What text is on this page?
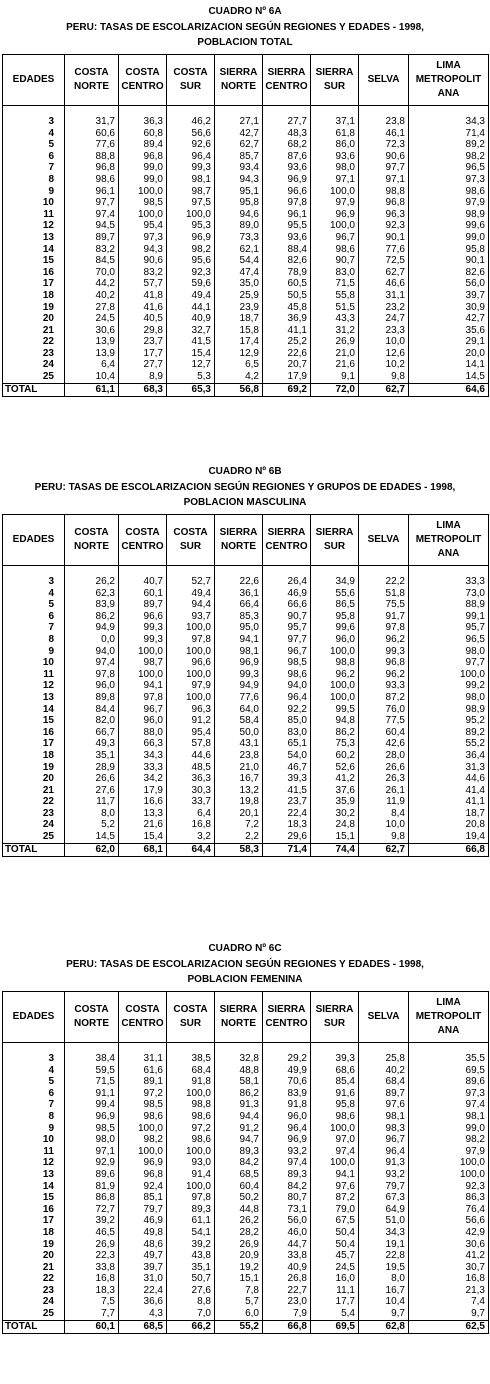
CUADRO Nº 6A
PERU: TASAS DE ESCOLARIZACION SEGÚN REGIONES Y EDADES - 1998,
POBLACION TOTAL
EDADES	COSTA NORTE	COSTA CENTRO	COSTA SUR	SIERRA NORTE	SIERRA CENTRO	SIERRA SUR	SELVA	LIMA METROPOLIT ANA
3	31,7	36,3	46,2	27,1	27,7	37,1	23,8	34,3
4	60,6	60,8	56,6	42,7	48,3	61,8	46,1	71,4
5	77,6	89,4	92,6	62,7	68,2	86,0	72,3	89,2
6	88,8	96,8	96,4	85,7	87,6	93,6	90,6	98,2
7	96,8	99,0	99,3	93,4	93,6	98,0	97,7	96,5
8	98,6	99,0	98,1	94,3	96,9	97,1	97,1	97,3
9	96,1	100,0	98,7	95,1	96,6	100,0	98,8	98,6
10	97,7	98,5	97,5	95,8	97,8	97,9	96,8	97,9
11	97,4	100,0	100,0	94,6	96,1	96,9	96,3	98,9
12	94,5	95,4	95,3	89,0	95,5	100,0	92,3	99,6
13	89,7	97,3	96,9	73,3	93,6	96,7	90,1	99,0
14	83,2	94,3	98,2	62,1	88,4	98,6	77,6	95,8
15	84,5	90,6	95,6	54,4	82,6	90,7	72,5	90,1
16	70,0	83,2	92,3	47,4	78,9	83,0	62,7	82,6
17	44,2	57,7	59,6	35,0	60,5	71,5	46,6	56,0
18	40,2	41,8	49,4	25,9	50,5	55,8	31,1	39,7
19	27,8	41,6	44,1	23,9	45,8	51,5	23,2	30,9
20	24,5	40,5	40,9	18,7	36,9	43,3	24,7	42,7
21	30,6	29,8	32,7	15,8	41,1	31,2	23,3	35,6
22	13,9	23,7	41,5	17,4	25,2	26,9	10,0	29,1
23	13,9	17,7	15,4	12,9	22,6	21,0	12,6	20,0
24	6,4	27,7	12,7	6,5	20,7	21,6	10,2	14,1
25	10,4	8,9	5,3	4,2	17,9	9,1	9,8	14,5
TOTAL	61,1	68,3	65,3	56,8	69,2	72,0	62,7	64,6
CUADRO Nº 6B
PERU: TASAS DE ESCOLARIZACION SEGÚN REGIONES Y GRUPOS DE EDADES - 1998,
POBLACION MASCULINA
EDADES	COSTA NORTE	COSTA CENTRO	COSTA SUR	SIERRA NORTE	SIERRA CENTRO	SIERRA SUR	SELVA	LIMA METROPOLIT ANA
3	26,2	40,7	52,7	22,6	26,4	34,9	22,2	33,3
4	62,3	60,1	49,4	36,1	46,9	55,6	51,8	73,0
5	83,9	89,7	94,4	66,4	66,6	86,5	75,5	88,9
6	86,2	96,6	93,7	85,3	90,7	95,8	91,7	99,1
7	94,9	99,3	100,0	95,0	95,7	99,6	97,8	95,7
8	0,0	99,3	97,8	94,1	97,7	96,0	96,2	96,5
9	94,0	100,0	100,0	98,1	96,7	100,0	99,3	98,0
10	97,4	98,7	96,6	96,9	98,5	98,8	96,8	97,7
11	97,8	100,0	100,0	99,3	98,6	96,2	96,2	100,0
12	96,0	94,1	97,9	94,9	94,0	100,0	93,3	99,2
13	89,8	97,8	100,0	77,6	96,4	100,0	87,2	98,0
14	84,4	96,7	96,3	64,0	92,2	99,5	76,0	98,9
15	82,0	96,0	91,2	58,4	85,0	94,8	77,5	95,2
16	66,7	88,0	95,4	50,0	83,0	86,2	60,4	89,2
17	49,3	66,3	57,8	43,1	65,1	75,3	42,6	55,2
18	35,1	34,3	44,6	23,8	54,0	60,2	28,0	36,4
19	28,9	33,3	48,5	21,0	46,7	52,6	26,6	31,3
20	26,6	34,2	36,3	16,7	39,3	41,2	26,3	44,6
21	27,6	17,9	30,3	13,2	41,5	37,6	26,1	41,4
22	11,7	16,6	33,7	19,8	23,7	35,9	11,9	41,1
23	8,0	13,3	6,4	20,1	22,4	30,2	8,4	18,7
24	5,2	21,6	16,8	7,2	18,3	24,8	10,0	20,8
25	14,5	15,4	3,2	2,2	29,6	15,1	9,8	19,4
TOTAL	62,0	68,1	64,4	58,3	71,4	74,4	62,7	66,8
CUADRO Nº 6C
PERU: TASAS DE ESCOLARIZACION SEGÚN REGIONES Y EDADES - 1998,
POBLACION FEMENINA
EDADES	COSTA NORTE	COSTA CENTRO	COSTA SUR	SIERRA NORTE	SIERRA CENTRO	SIERRA SUR	SELVA	LIMA METROPOLIT ANA
3	38,4	31,1	38,5	32,8	29,2	39,3	25,8	35,5
4	59,5	61,6	68,4	48,8	49,9	68,6	40,2	69,5
5	71,5	89,1	91,8	58,1	70,6	85,4	68,4	89,6
6	91,1	97,2	100,0	86,2	83,9	91,6	89,7	97,3
7	99,4	98,5	98,8	91,3	91,8	95,8	97,6	97,4
8	96,9	98,6	98,6	94,4	96,0	98,6	98,1	98,1
9	98,5	100,0	97,2	91,2	96,4	100,0	98,3	99,0
10	98,0	98,2	98,6	94,7	96,9	97,0	96,7	98,2
11	97,1	100,0	100,0	89,3	93,2	97,4	96,4	97,9
12	92,9	96,9	93,0	84,2	97,4	100,0	91,3	100,0
13	89,6	96,8	91,4	68,5	89,3	94,1	93,2	100,0
14	81,9	92,4	100,0	60,4	84,2	97,6	79,7	92,3
15	86,8	85,1	97,8	50,2	80,7	87,2	67,3	86,3
16	72,7	79,7	89,3	44,8	73,1	79,0	64,9	76,4
17	39,2	46,9	61,1	26,2	56,0	67,5	51,0	56,6
18	46,5	49,8	54,1	28,2	46,0	50,4	34,3	42,9
19	26,9	48,6	39,2	26,9	44,7	50,4	19,1	30,6
20	22,3	49,7	43,8	20,9	33,8	45,7	22,8	41,2
21	33,8	39,7	35,1	19,2	40,9	24,5	19,5	30,7
22	16,8	31,0	50,7	15,1	26,8	16,0	8,0	16,8
23	18,3	22,4	27,6	7,8	22,7	11,1	16,7	21,3
24	7,5	36,6	8,8	5,7	23,0	17,7	10,4	7,4
25	7,7	4,3	7,0	6,0	7,9	5,4	9,7	9,7
TOTAL	60,1	68,5	66,2	55,2	66,8	69,5	62,8	62,5
